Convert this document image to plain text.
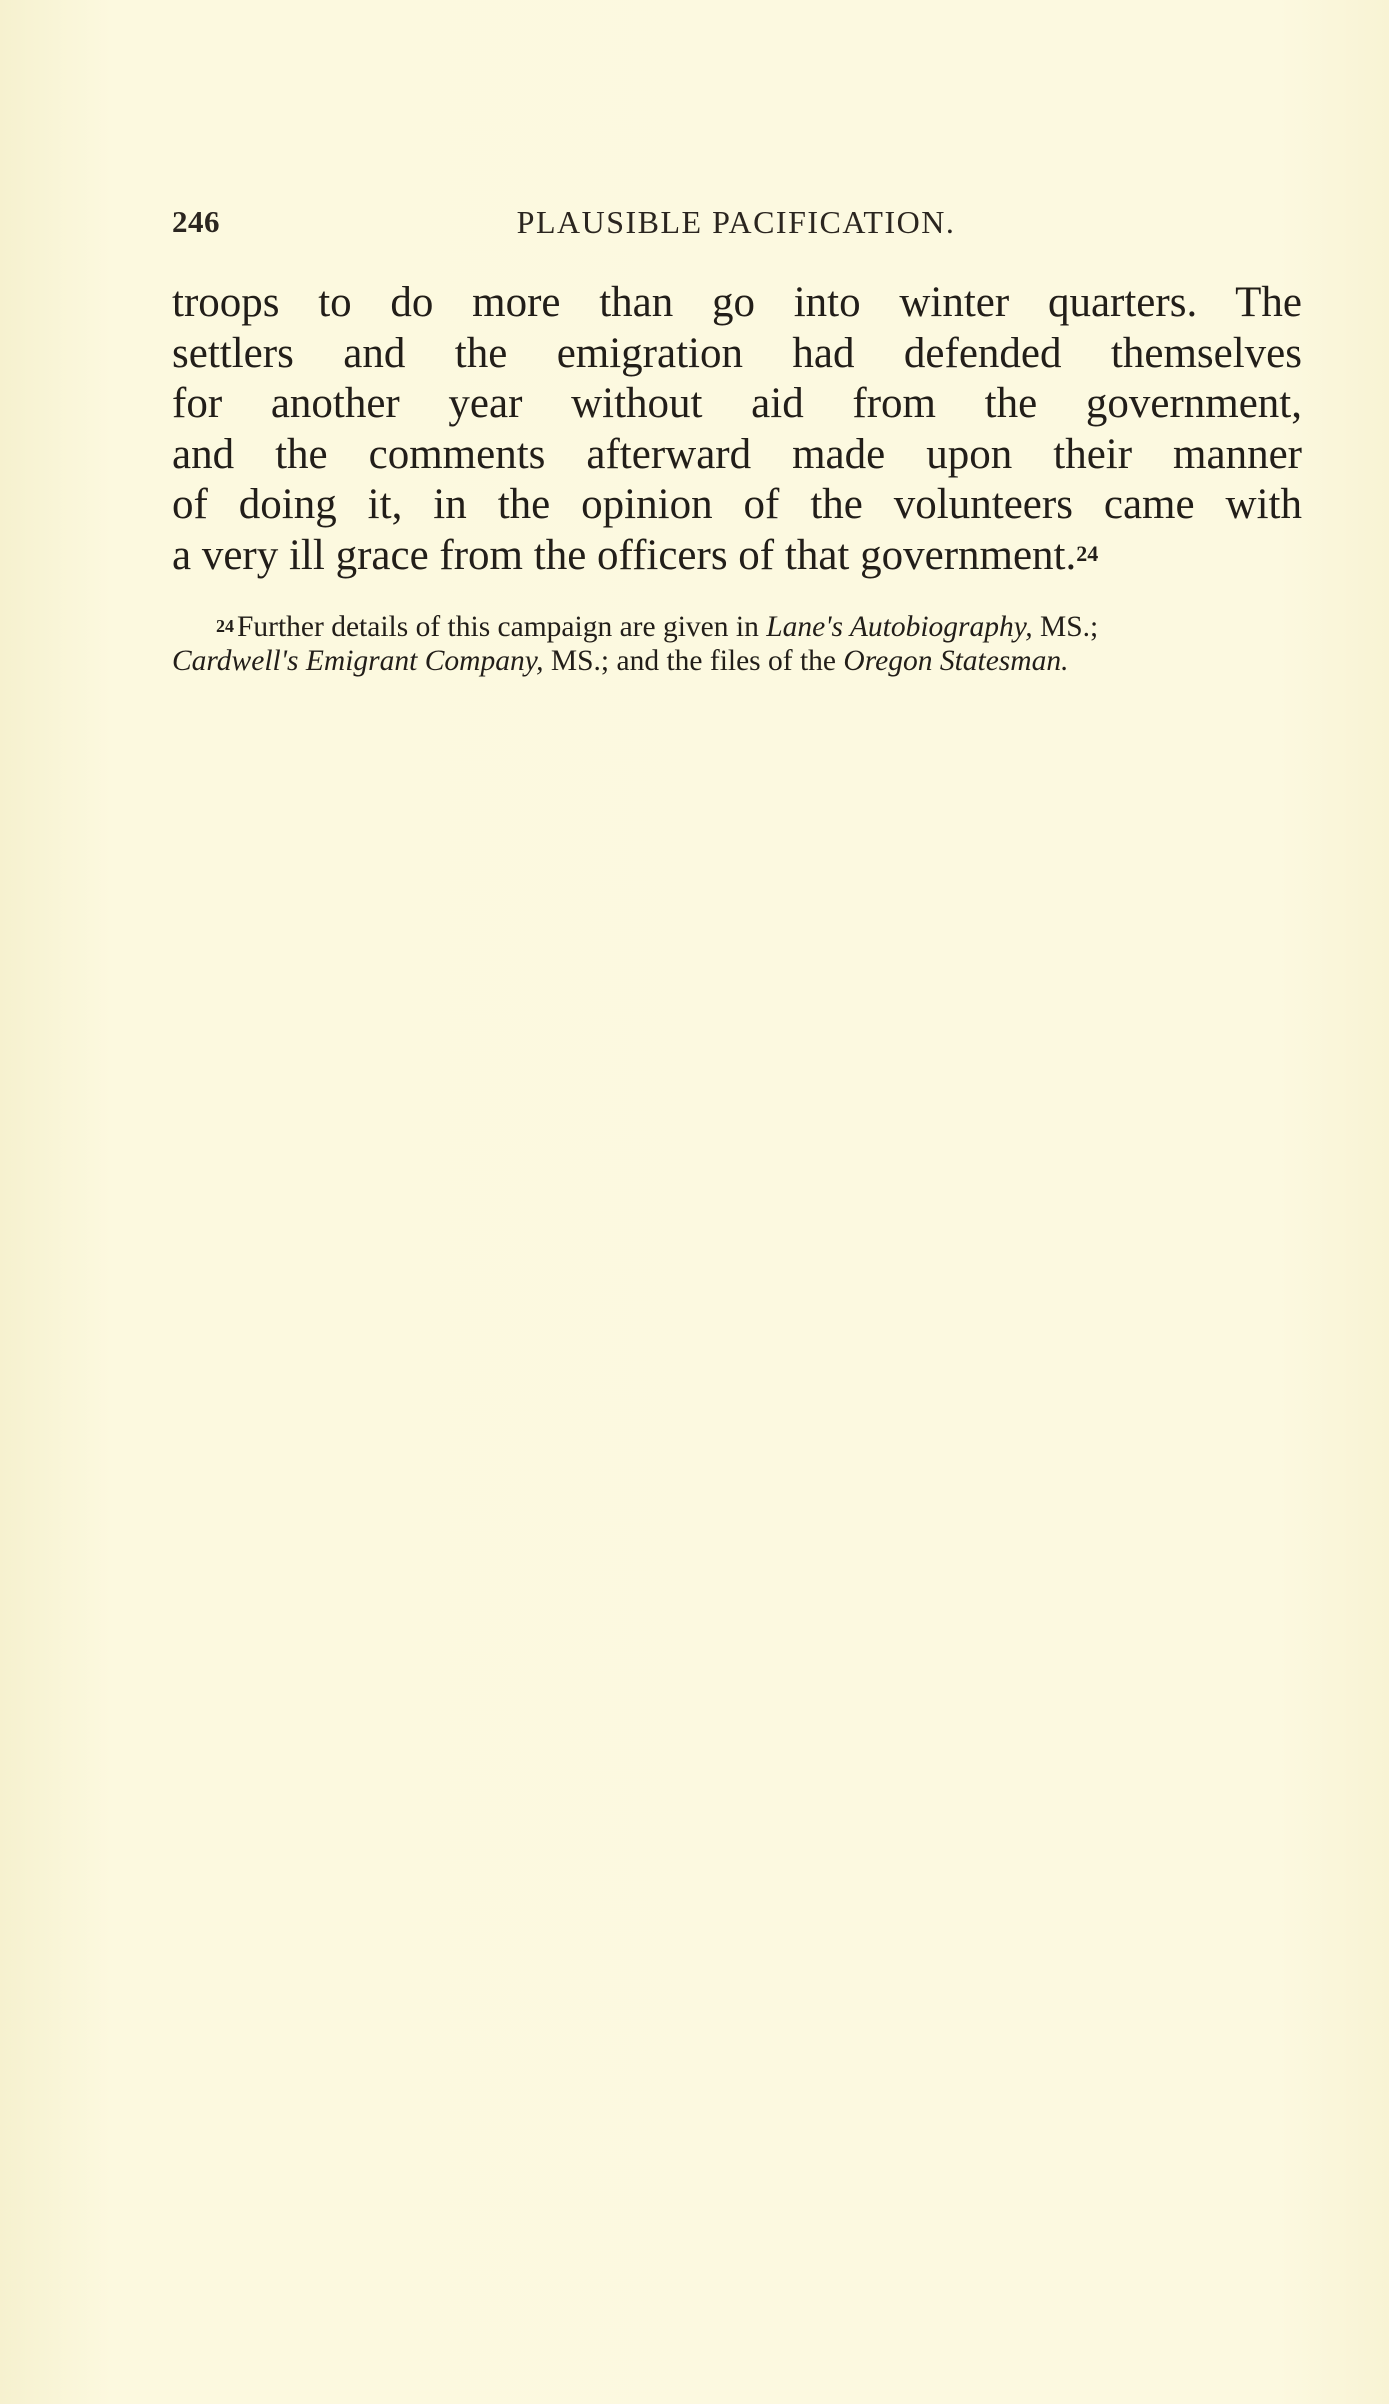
246	PLAUSIBLE PACIFICATION.
troops to do more than go into winter quarters. The
settlers and the emigration had defended themselves
for another year without aid from the government,
and the comments afterward made upon their manner
of doing it, in the opinion of the volunteers came with
a very ill grace from the officers of that government.$^{24}$
$^{24}$ Further details of this campaign are given in Lane's Autobiography, MS.;
Cardwell's Emigrant Company, MS.; and the files of the Oregon Statesman.
